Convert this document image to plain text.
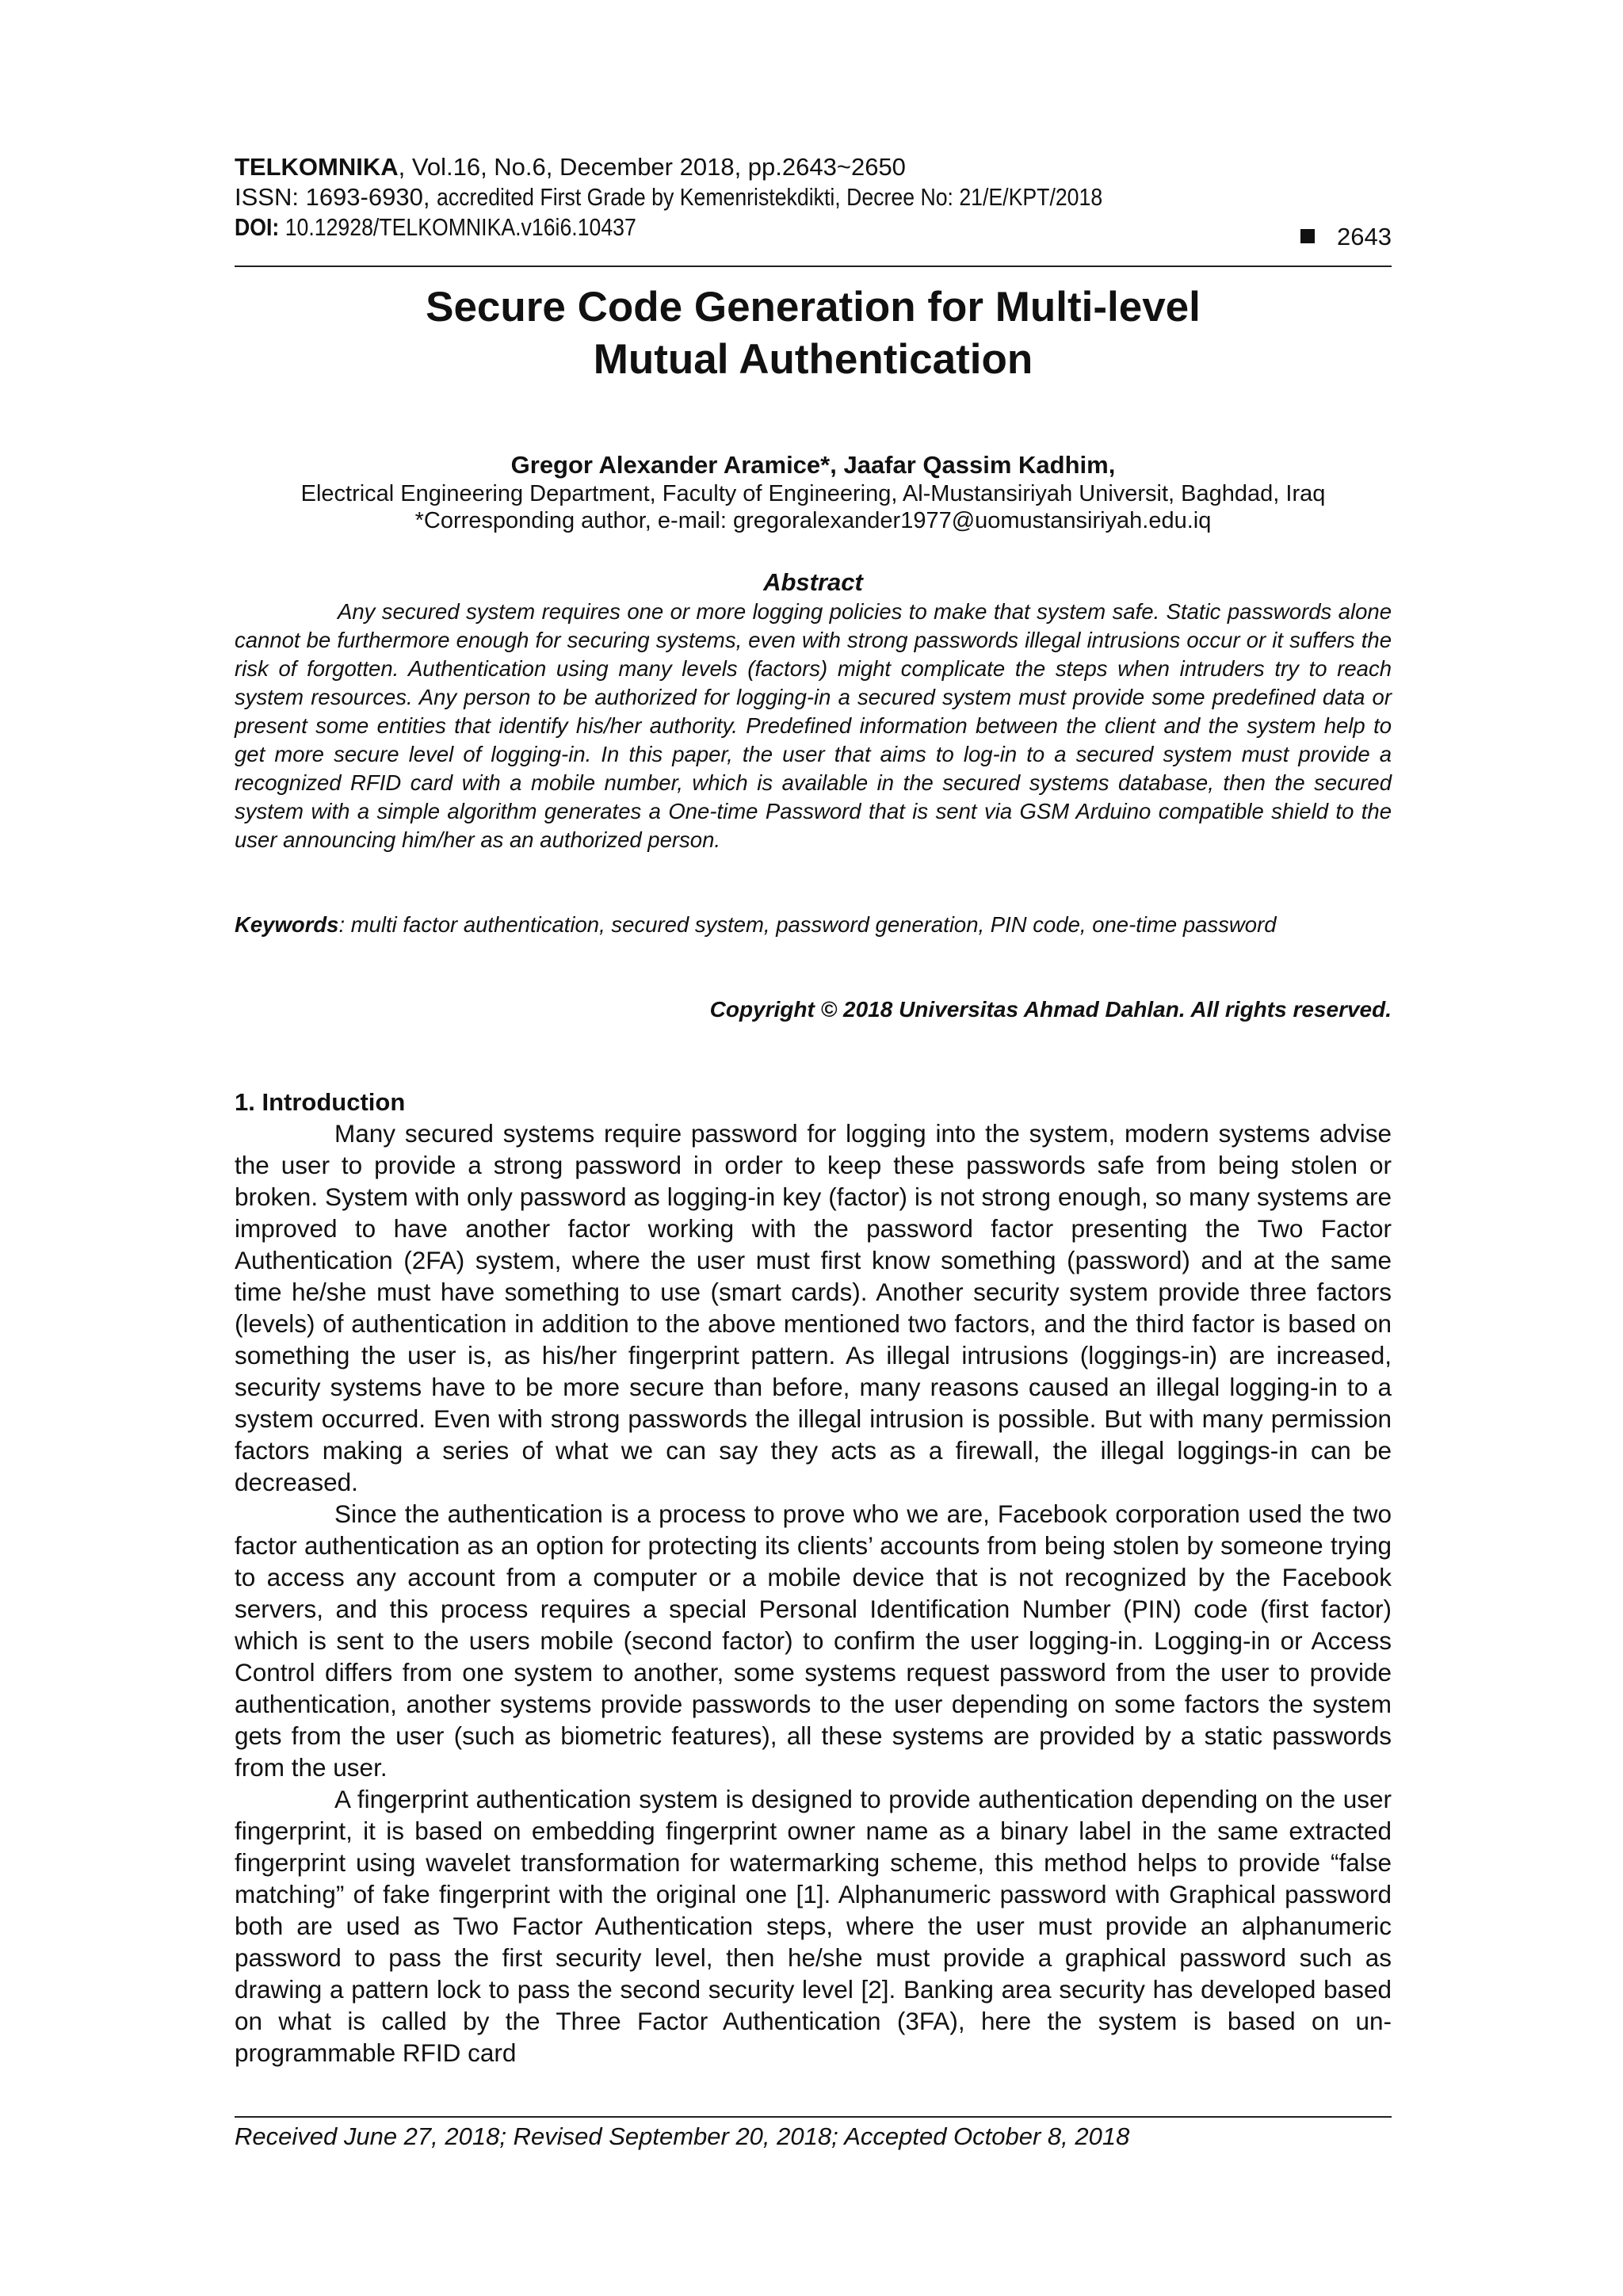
TELKOMNIKA, Vol.16, No.6, December 2018, pp.2643~2650
ISSN: 1693-6930, accredited First Grade by Kemenristekdikti, Decree No: 21/E/KPT/2018
DOI: 10.12928/TELKOMNIKA.v16i6.10437	2643
Secure Code Generation for Multi-level
Mutual Authentication
Gregor Alexander Aramice*, Jaafar Qassim Kadhim,
Electrical Engineering Department, Faculty of Engineering, Al-Mustansiriyah Universit, Baghdad, Iraq
*Corresponding author, e-mail: gregoralexander1977@uomustansiriyah.edu.iq
Abstract

Any secured system requires one or more logging policies to make that system safe. Static passwords alone cannot be furthermore enough for securing systems, even with strong passwords illegal intrusions occur or it suffers the risk of forgotten. Authentication using many levels (factors) might complicate the steps when intruders try to reach system resources. Any person to be authorized for logging-in a secured system must provide some predefined data or present some entities that identify his/her authority. Predefined information between the client and the system help to get more secure level of logging-in. In this paper, the user that aims to log-in to a secured system must provide a recognized RFID card with a mobile number, which is available in the secured systems database, then the secured system with a simple algorithm generates a One-time Password that is sent via GSM Arduino compatible shield to the user announcing him/her as an authorized person.

Keywords: multi factor authentication, secured system, password generation, PIN code, one-time password

Copyright © 2018 Universitas Ahmad Dahlan. All rights reserved.
1. Introduction

Many secured systems require password for logging into the system, modern systems advise the user to provide a strong password in order to keep these passwords safe from being stolen or broken. System with only password as logging-in key (factor) is not strong enough, so many systems are improved to have another factor working with the password factor presenting the Two Factor Authentication (2FA) system, where the user must first know something (password) and at the same time he/she must have something to use (smart cards). Another security system provide three factors (levels) of authentication in addition to the above mentioned two factors, and the third factor is based on something the user is, as his/her fingerprint pattern. As illegal intrusions (loggings-in) are increased, security systems have to be more secure than before, many reasons caused an illegal logging-in to a system occurred. Even with strong passwords the illegal intrusion is possible. But with many permission factors making a series of what we can say they acts as a firewall, the illegal loggings-in can be decreased.

Since the authentication is a process to prove who we are, Facebook corporation used the two factor authentication as an option for protecting its clients’ accounts from being stolen by someone trying to access any account from a computer or a mobile device that is not recognized by the Facebook servers, and this process requires a special Personal Identification Number (PIN) code (first factor) which is sent to the users mobile (second factor) to confirm the user logging-in. Logging-in or Access Control differs from one system to another, some systems request password from the user to provide authentication, another systems provide passwords to the user depending on some factors the system gets from the user (such as biometric features), all these systems are provided by a static passwords from the user.

A fingerprint authentication system is designed to provide authentication depending on the user fingerprint, it is based on embedding fingerprint owner name as a binary label in the same extracted fingerprint using wavelet transformation for watermarking scheme, this method helps to provide “false matching” of fake fingerprint with the original one [1]. Alphanumeric password with Graphical password both are used as Two Factor Authentication steps, where the user must provide an alphanumeric password to pass the first security level, then he/she must provide a graphical password such as drawing a pattern lock to pass the second security level [2]. Banking area security has developed based on what is called by the Three Factor Authentication (3FA), here the system is based on un-programmable RFID card

Received June 27, 2018; Revised September 20, 2018; Accepted October 8, 2018
